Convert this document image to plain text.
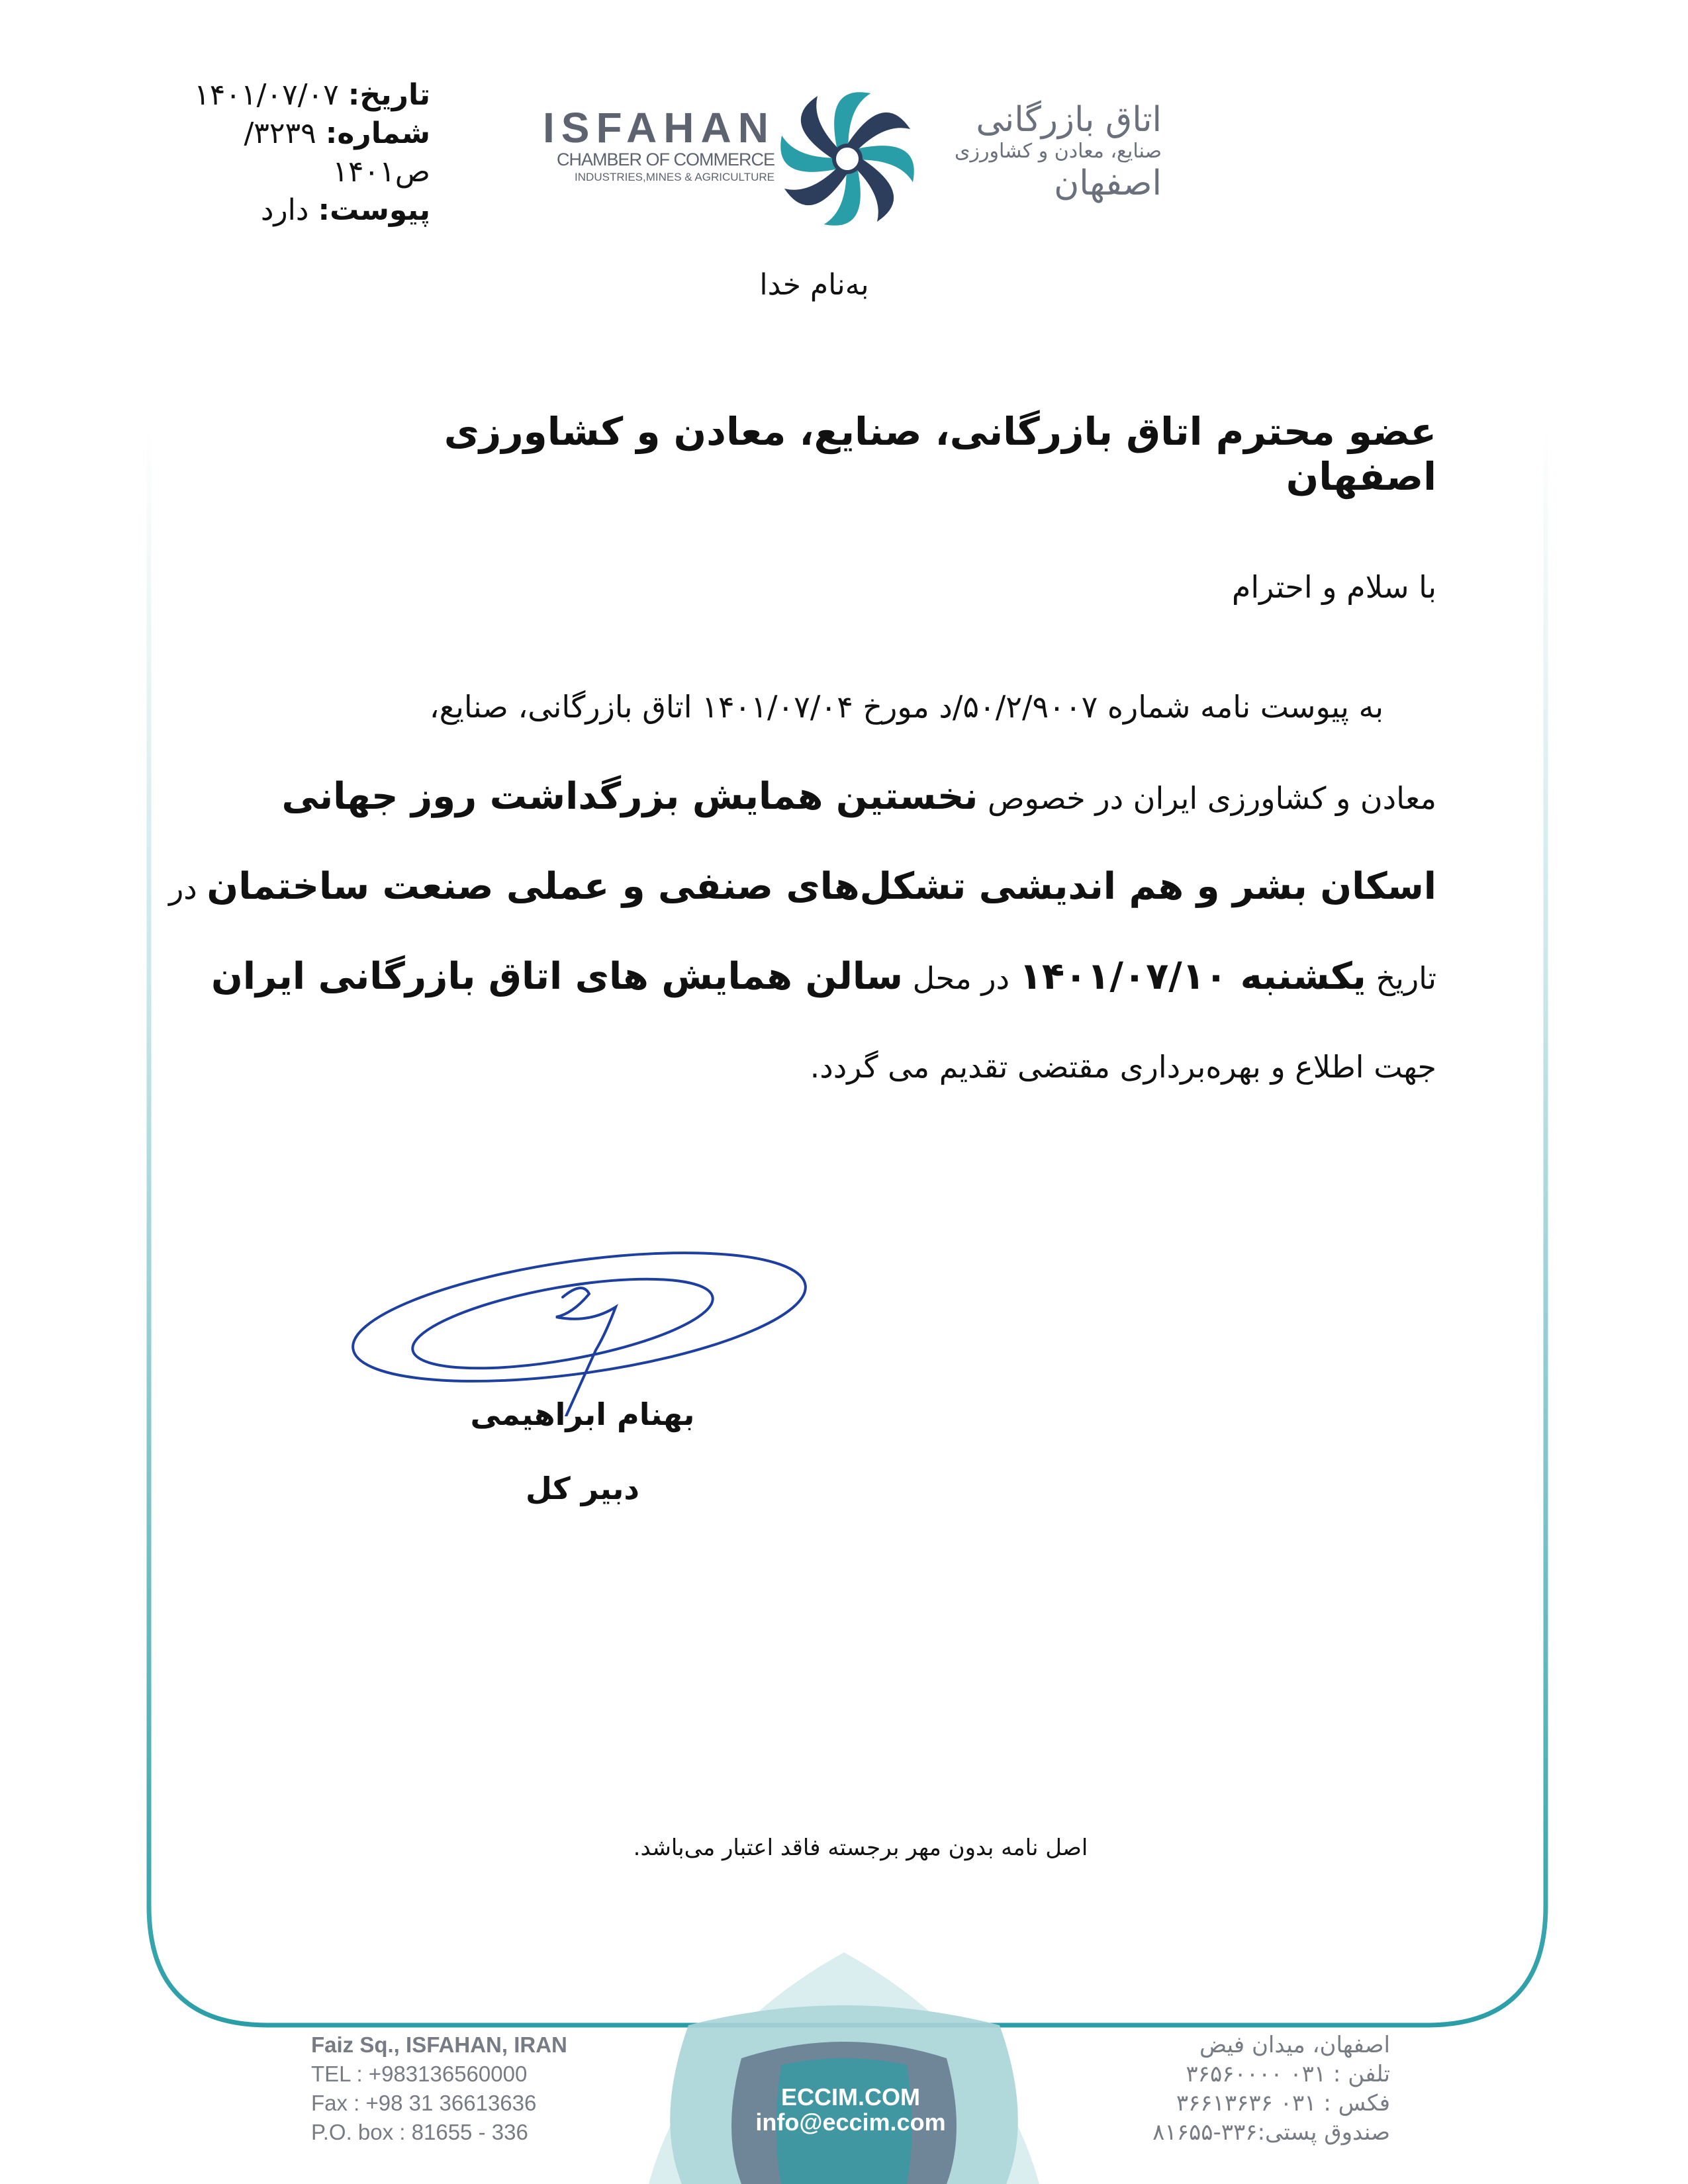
تاریخ: ۱۴۰۱/۰۷/۰۷
شماره: ۳۲۳۹/ص۱۴۰۱
پیوست: دارد
ISFAHAN
CHAMBER OF COMMERCE
INDUSTRIES,MINES & AGRICULTURE
اتاق بازرگانی
صنایع، معادن و کشاورزی
اصفهان
به‌نام خدا
عضو محترم اتاق بازرگانی، صنایع، معادن و کشاورزی اصفهان
با سلام و احترام
به پیوست نامه شماره ۵۰/۲/۹۰۰۷/د مورخ ۱۴۰۱/۰۷/۰۴ اتاق بازرگانی، صنایع،
معادن و کشاورزی ایران در خصوص نخستین همایش بزرگداشت روز جهانی
اسکان بشر و هم اندیشی تشکل‌های صنفی و عملی صنعت ساختمان در
تاریخ یکشنبه ۱۴۰۱/۰۷/۱۰ در محل سالن همایش های اتاق بازرگانی ایران
جهت اطلاع و بهره‌برداری مقتضی تقدیم می گردد.
بهنام ابراهیمی
دبیر کل
اصل نامه بدون مهر برجسته فاقد اعتبار می‌باشد.
Faiz Sq., ISFAHAN, IRAN
TEL : +983136560000
Fax : +98 31 36613636
P.O. box : 81655 - 336
ECCIM.COM
info@eccim.com
اصفهان، میدان فیض
تلفن : ۰۳۱ ۳۶۵۶۰۰۰۰
فکس : ۰۳۱ ۳۶۶۱۳۶۳۶
صندوق پستی:۳۳۶-۸۱۶۵۵
